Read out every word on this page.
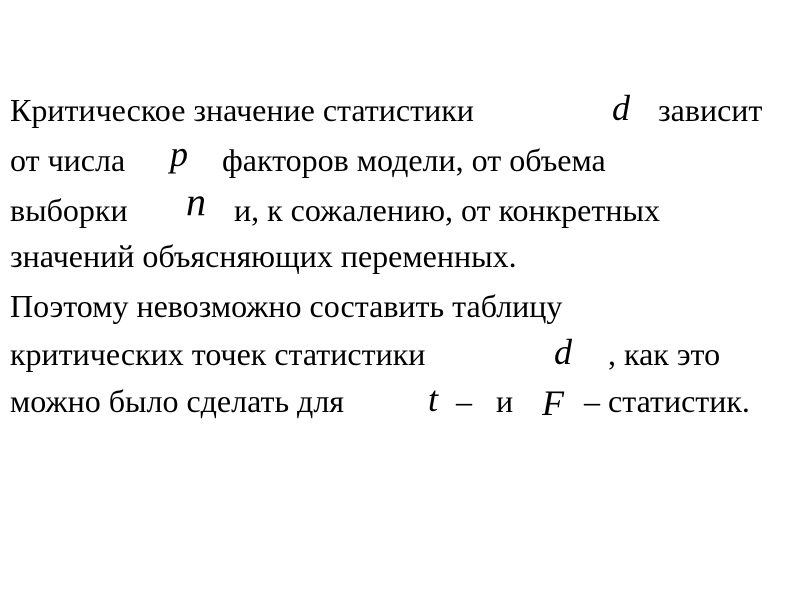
Критическое значение статистики	d зависит
от числа p факторов модели, от объема
выборки n и, к сожалению, от конкретных
значений объясняющих переменных.
Поэтому невозможно составить таблицу
критических точек статистики	d , как это
можно было сделать для t – и F – статистик.
